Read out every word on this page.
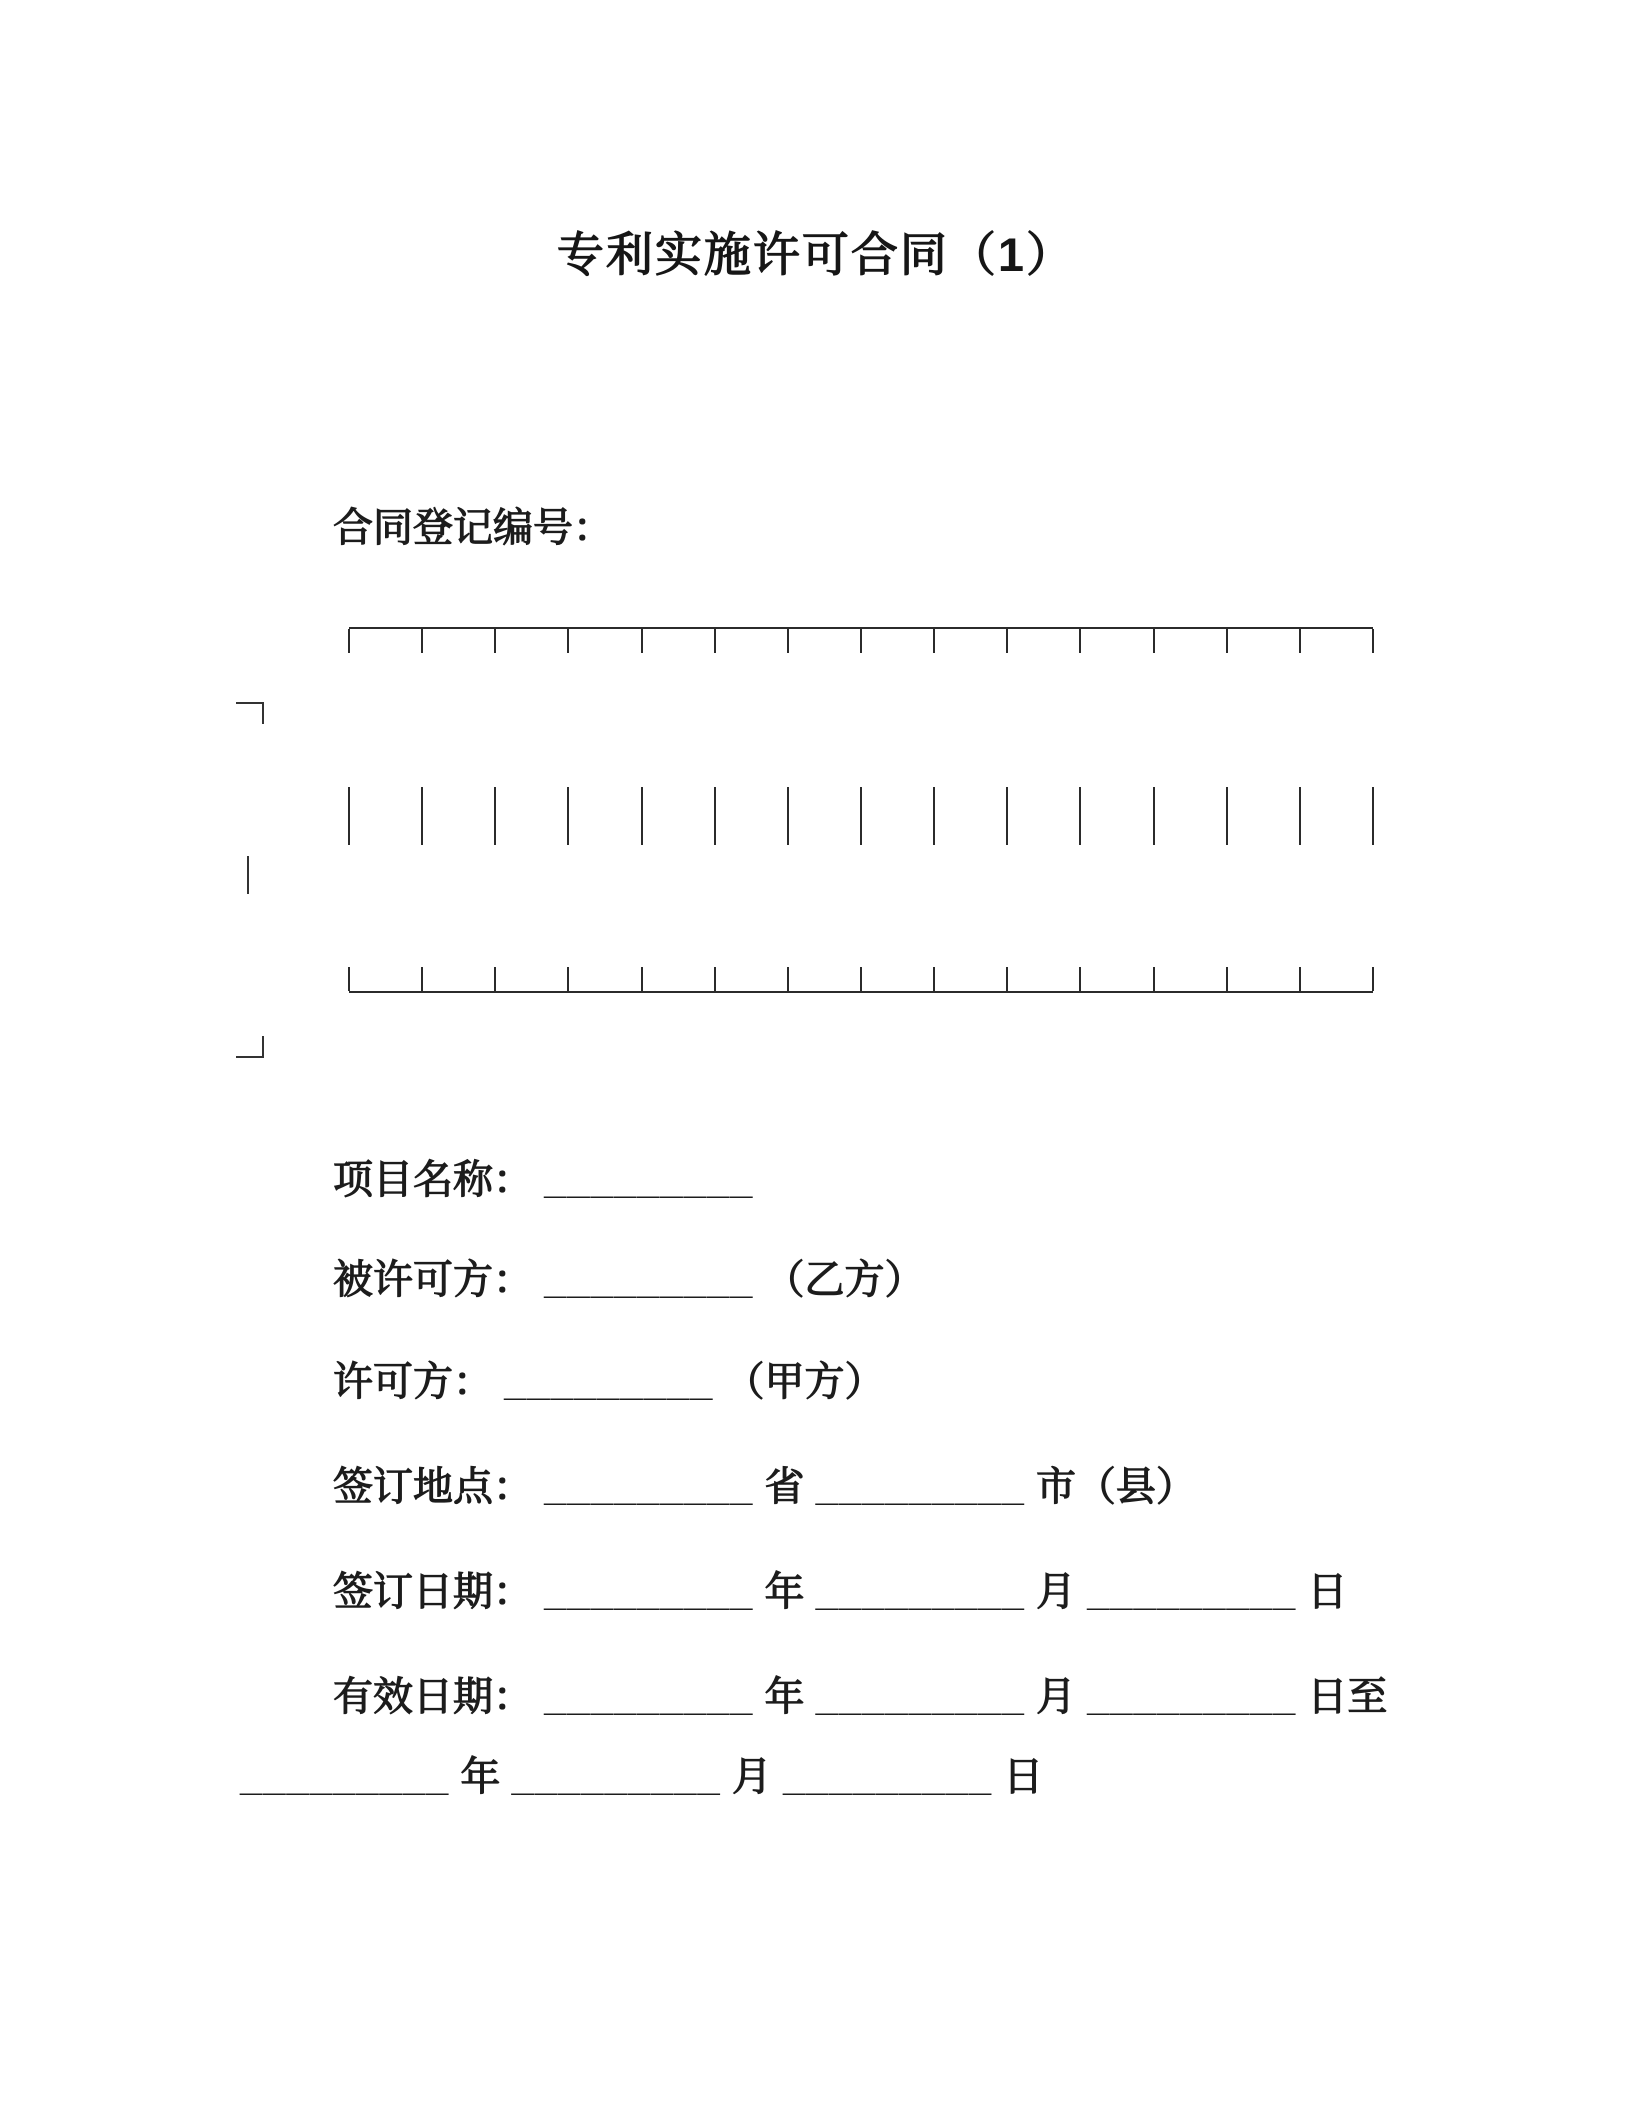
专利实施许可合同（1）
合同登记编号：
项目名称： _________
被许可方： _________ （乙方）
许可方： _________ （甲方）
签订地点： _________ 省 _________ 市（县）
签订日期： _________ 年 _________ 月 _________ 日
有效日期： _________ 年 _________ 月 _________ 日至
_________ 年 _________ 月 _________ 日
